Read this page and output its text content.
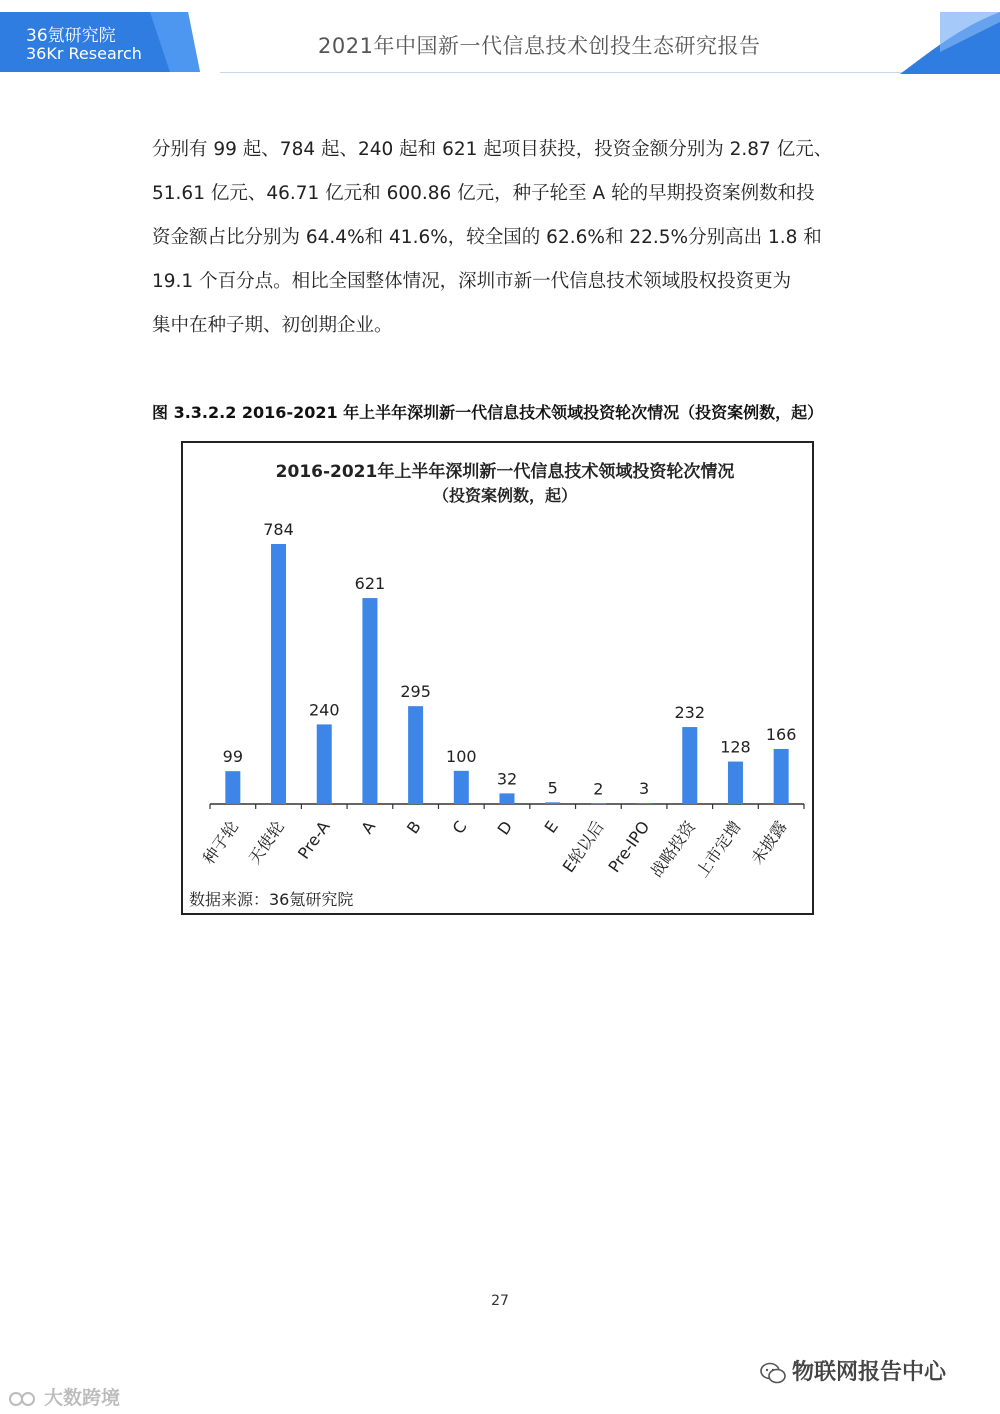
36氪研究院
36Kr Research	2021年中国新一代信息技术创投生态研究报告

分别有 99 起、784 起、240 起和 621 起项目获投，投资金额分别为 2.87 亿元、

51.61 亿元、46.71 亿元和 600.86 亿元，种子轮至 A 轮的早期投资案例数和投

资金额占比分别为 64.4%和 41.6%，较全国的 62.6%和 22.5%分别高出 1.8 和

19.1 个百分点。相比全国整体情况，深圳市新一代信息技术领域股权投资更为

集中在种子期、初创期企业。

图 3.3.2.2 2016-2021 年上半年深圳新一代信息技术领域投资轮次情况（投资案例数，起）
2016-2021年上半年深圳新一代信息技术领域投资轮次情况
（投资案例数，起）
99
种子轮
784
天使轮
240
Pre-A
621
A
295
B
100
C
32
D
5
E
2
E轮以后
3
Pre-IPO
232
战略投资
128
上市定增
166
未披露
数据来源：36氪研究院
27
物联网报告中心
大数跨境
